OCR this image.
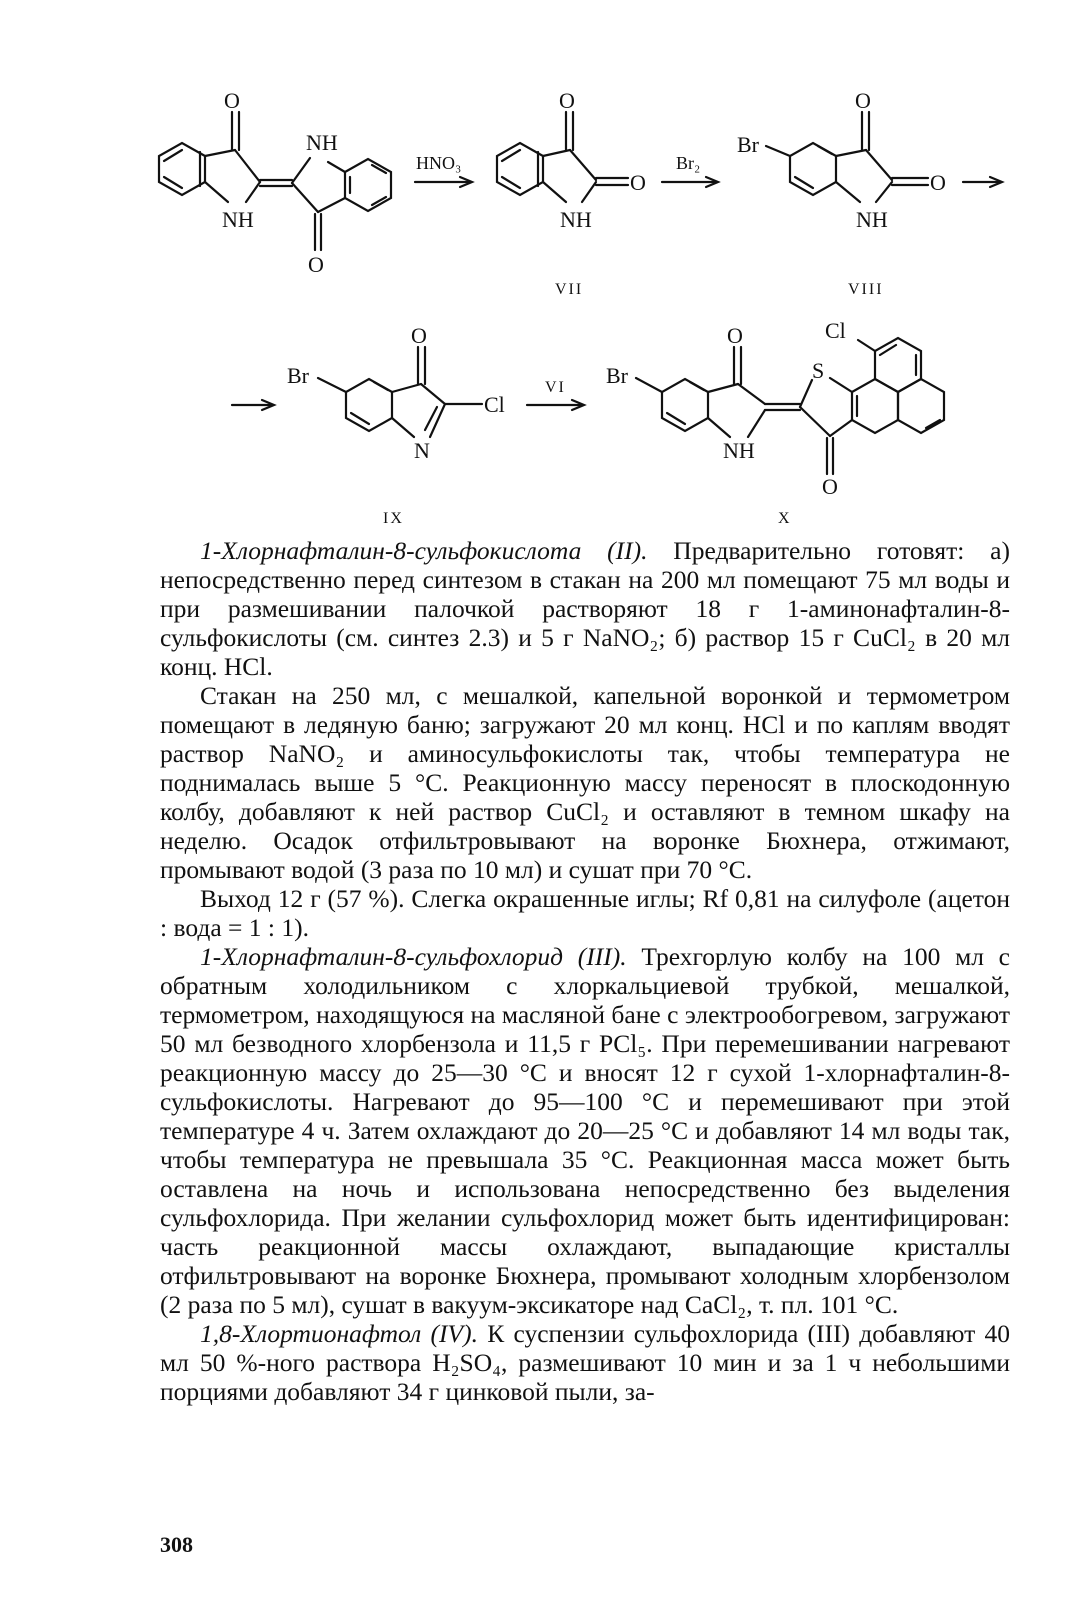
O
NH
NH
O
HNO₃
O
O
NH
VII
Br₂
Br
O
O
NH
VIII
Br
O
Cl
N
IX
VI Br
O
NH
S
Cl
O
X

1-Хлорнафталин-8-сульфокислота (II). Предварительно готовят: а) непосредственно перед синтезом в стакан на 200 мл помещают 75 мл воды и при размешивании палочкой растворяют 18 г 1-аминонафталин-8-сульфокислоты (см. синтез 2.3) и 5 г NaNO₂; б) раствор 15 г CuCl₂ в 20 мл конц. HCl.

Стакан на 250 мл, с мешалкой, капельной воронкой и термометром помещают в ледяную баню; загружают 20 мл конц. HCl и по каплям вводят раствор NaNO₂ и аминосульфокислоты так, чтобы температура не поднималась выше 5 °С. Реакционную массу переносят в плоскодонную колбу, добавляют к ней раствор CuCl₂ и оставляют в темном шкафу на неделю. Осадок отфильтровывают на воронке Бюхнера, отжимают, промывают водой (3 раза по 10 мл) и сушат при 70 °С.

Выход 12 г (57 %). Слегка окрашенные иглы; Rf 0,81 на силуфоле (ацетон : вода = 1 : 1).

1-Хлорнафталин-8-сульфохлорид (III). Трехгорлую колбу на 100 мл с обратным холодильником с хлоркальциевой трубкой, мешалкой, термометром, находящуюся на масляной бане с электрообогревом, загружают 50 мл безводного хлорбензола и 11,5 г PCl₅. При перемешивании нагревают реакционную массу до 25—30 °С и вносят 12 г сухой 1-хлорнафталин-8-сульфокислоты. Нагревают до 95—100 °С и перемешивают при этой температуре 4 ч. Затем охлаждают до 20—25 °С и добавляют 14 мл воды так, чтобы температура не превышала 35 °С. Реакционная масса может быть оставлена на ночь и использована непосредственно без выделения сульфохлорида. При желании сульфохлорид может быть идентифицирован: часть реакционной массы охлаждают, выпадающие кристаллы отфильтровывают на воронке Бюхнера, промывают холодным хлорбензолом (2 раза по 5 мл), сушат в вакуум-эксикаторе над CaCl₂, т. пл. 101 °С.

1,8-Хлортионафтол (IV). К суспензии сульфохлорида (III) добавляют 40 мл 50 %-ного раствора H₂SO₄, размешивают 10 мин и за 1 ч небольшими порциями добавляют 34 г цинковой пыли, за-

308
